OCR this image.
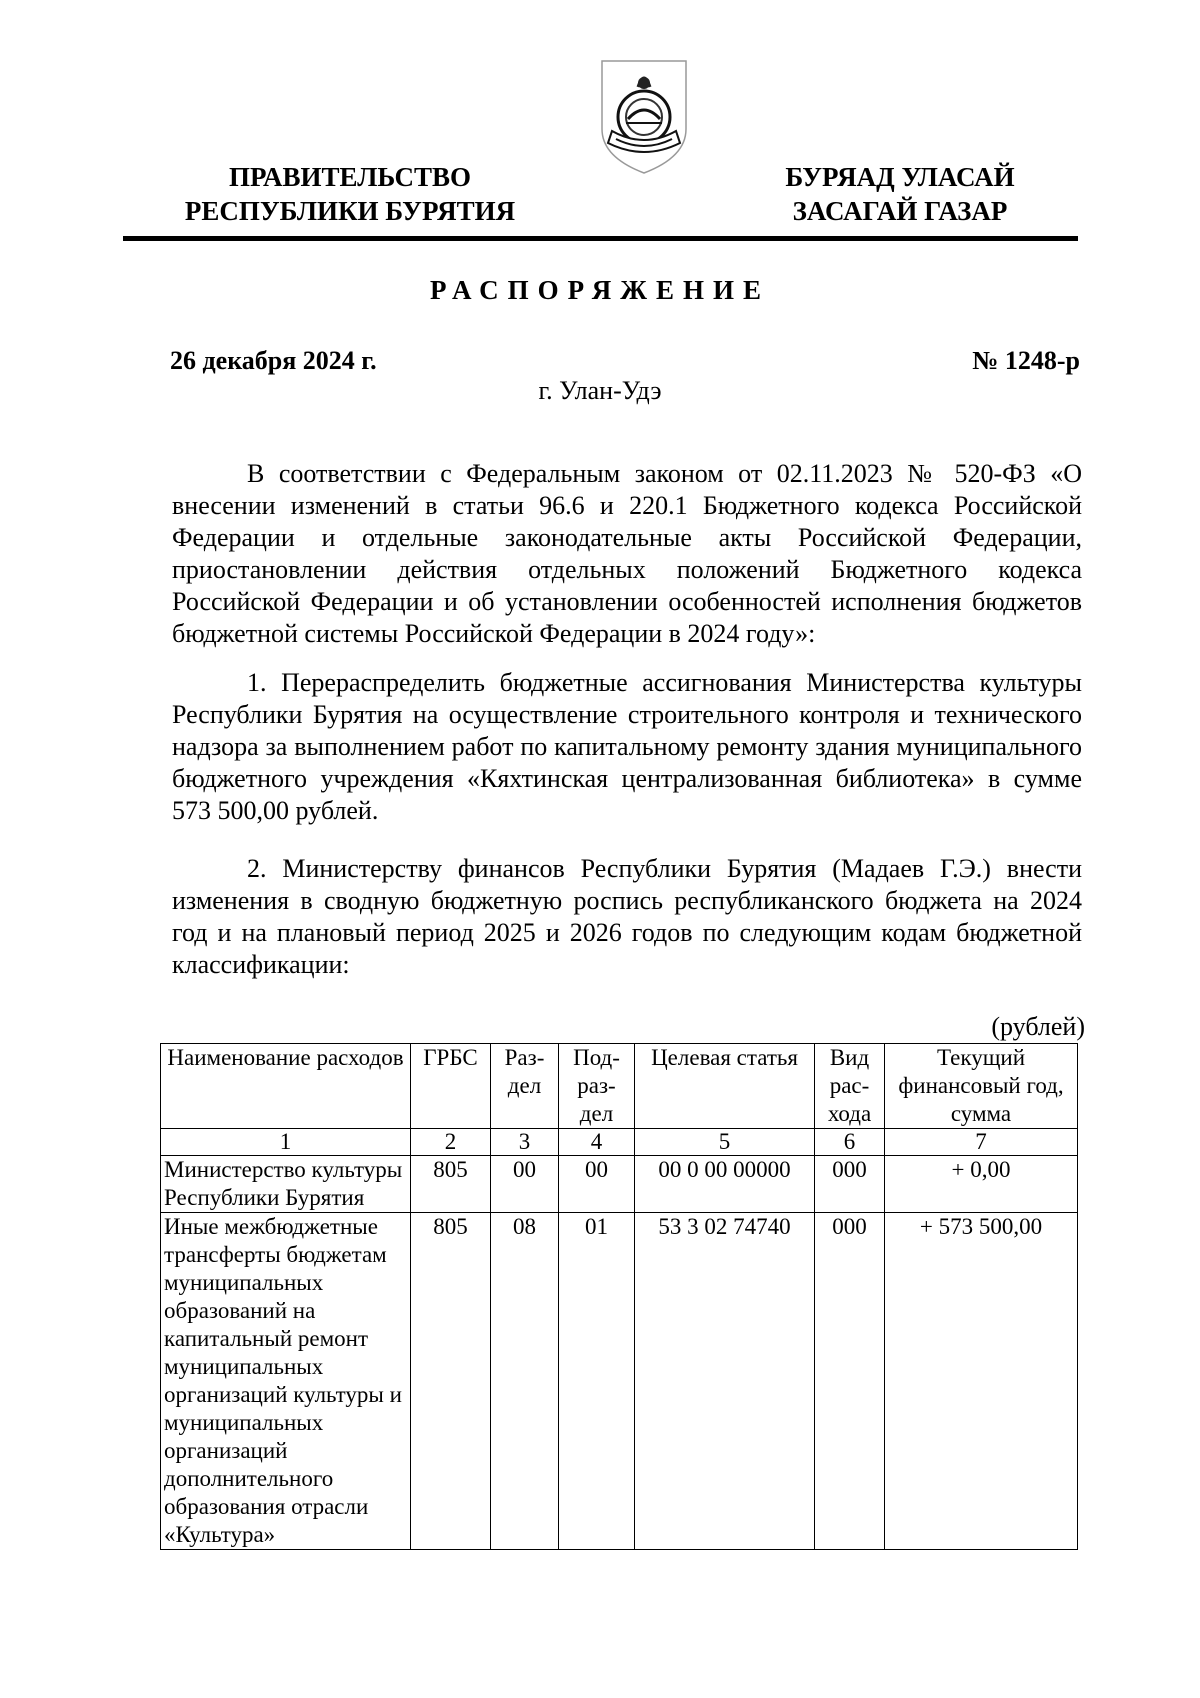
ПРАВИТЕЛЬСТВО
РЕСПУБЛИКИ БУРЯТИЯ
БУРЯАД УЛАСАЙ
ЗАСАГАЙ ГАЗАР
РАСПОРЯЖЕНИЕ
26 декабря 2024 г.	№ 1248-р
г. Улан-Удэ

В соответствии с Федеральным законом от 02.11.2023 № 520-ФЗ «О внесении изменений в статьи 96.6 и 220.1 Бюджетного кодекса Российской Федерации и отдельные законодательные акты Российской Федерации, приостановлении действия отдельных положений Бюджетного кодекса Российской Федерации и об установлении особенностей исполнения бюджетов бюджетной системы Российской Федерации в 2024 году»:

1. Перераспределить бюджетные ассигнования Министерства культуры Республики Бурятия на осуществление строительного контроля и технического надзора за выполнением работ по капитальному ремонту здания муниципального бюджетного учреждения «Кяхтинская централизованная библиотека» в сумме 573 500,00 рублей.

2. Министерству финансов Республики Бурятия (Мадаев Г.Э.) внести изменения в сводную бюджетную роспись республиканского бюджета на 2024 год и на плановый период 2025 и 2026 годов по следующим кодам бюджетной классификации:

(рублей)
Наименование расходов	ГРБС	Раз-дел	Под-раз-дел	Целевая статья	Вид рас-хода	Текущий финансовый год, сумма
1	2	3	4	5	6	7
Министерство культуры Республики Бурятия	805	00	00	00 0 00 00000	000	+ 0,00
Иные межбюджетные трансферты бюджетам муниципальных образований на капитальный ремонт муниципальных организаций культуры и муниципальных организаций дополнительного образования отрасли «Культура»	805	08	01	53 3 02 74740	000	+ 573 500,00
